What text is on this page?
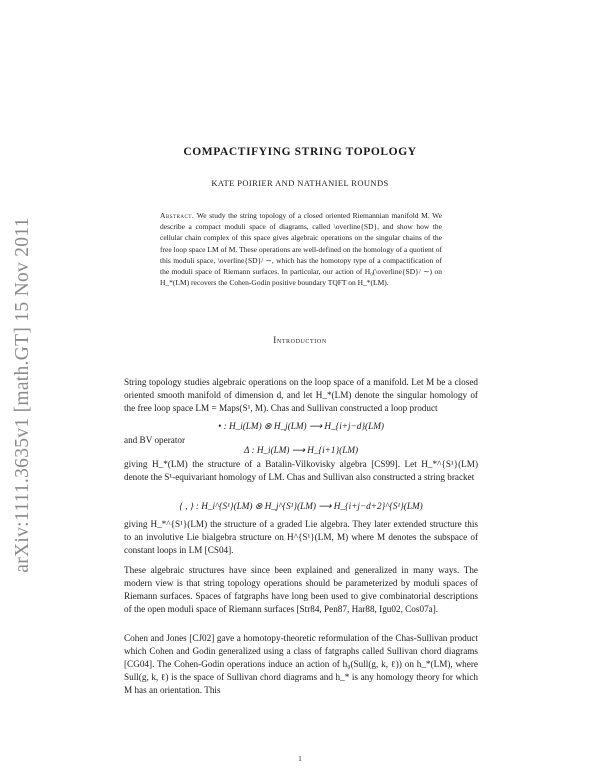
arXiv:1111.3635v1 [math.GT] 15 Nov 2011
COMPACTIFYING STRING TOPOLOGY
KATE POIRIER AND NATHANIEL ROUNDS
Abstract. We study the string topology of a closed oriented Riemannian manifold M. We describe a compact moduli space of diagrams, called \overline{SD}, and show how the cellular chain complex of this space gives algebraic operations on the singular chains of the free loop space LM of M. These operations are well-defined on the homology of a quotient of this moduli space, \overline{SD}/ ∼, which has the homotopy type of a compactification of the moduli space of Riemann surfaces. In particular, our action of H₀(\overline{SD}/ ∼) on H_*(LM) recovers the Cohen-Godin positive boundary TQFT on H_*(LM).
Introduction
String topology studies algebraic operations on the loop space of a manifold. Let M be a closed oriented smooth manifold of dimension d, and let H_*(LM) denote the singular homology of the free loop space LM = Maps(S¹, M). Chas and Sullivan constructed a loop product
• : H_i(LM) ⊗ H_j(LM) ⟶ H_{i+j−d}(LM)
and BV operator
Δ : H_i(LM) ⟶ H_{i+1}(LM)
giving H_*(LM) the structure of a Batalin-Vilkovisky algebra [CS99]. Let H_*^{S¹}(LM) denote the S¹-equivariant homology of LM. Chas and Sullivan also constructed a string bracket
{ , } : H_i^{S¹}(LM) ⊗ H_j^{S¹}(LM) ⟶ H_{i+j−d+2}^{S¹}(LM)
giving H_*^{S¹}(LM) the structure of a graded Lie algebra. They later extended structure this to an involutive Lie bialgebra structure on H^{S¹}(LM, M) where M denotes the subspace of constant loops in LM [CS04].
These algebraic structures have since been explained and generalized in many ways. The modern view is that string topology operations should be parameterized by moduli spaces of Riemann surfaces. Spaces of fatgraphs have long been used to give combinatorial descriptions of the open moduli space of Riemann surfaces [Str84, Pen87, Har88, Igu02, Cos07a].
Cohen and Jones [CJ02] gave a homotopy-theoretic reformulation of the Chas-Sullivan product which Cohen and Godin generalized using a class of fatgraphs called Sullivan chord diagrams [CG04]. The Cohen-Godin operations induce an action of h₀(Sull(g, k, ℓ)) on h_*(LM), where Sull(g, k, ℓ) is the space of Sullivan chord diagrams and h_* is any homology theory for which M has an orientation. This
1
